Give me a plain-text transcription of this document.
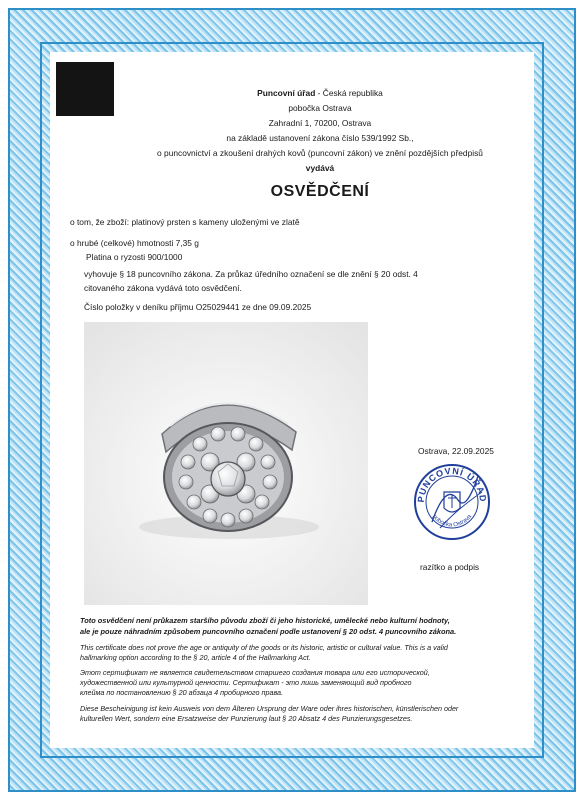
Puncovní úřad - Česká republika
pobočka Ostrava
Zahradní 1, 70200, Ostrava
na základě ustanovení zákona číslo 539/1992 Sb.,
o puncovnictví a zkoušení drahých kovů (puncovní zákon) ve znění pozdějších předpisů
vydává
OSVĚDČENÍ
o tom, že zboží: platinový prsten s kameny uloženými ve zlatě
o hrubé (celkové) hmotnosti 7,35 g
Platina o ryzosti 900/1000
vyhovuje § 18 puncovního zákona. Za průkaz úředního označení se dle znění § 20 odst. 4
citovaného zákona vydává toto osvědčení.
Číslo položky v deníku příjmu O25029441 ze dne 09.09.2025
Ostrava, 22.09.2025
PUNCOVNÍ ÚŘAD
pobočka Ostrava
razítko a podpis
Toto osvědčení není průkazem staršího původu zboží či jeho historické, umělecké nebo kulturní hodnoty,
ale je pouze náhradním způsobem puncovního označení podle ustanovení § 20 odst. 4 puncovního zákona.
This certificate does not prove the age or antiquity of the goods or its historic, artistic or cultural value. This is a valid
hallmarking option according to the § 20, article 4 of the Hallmarking Act.
Этот сертификат не является свидетельством старшего создания товара или его исторической,
художественной или культурной ценности. Сертификат - это лишь заменяющий вид пробного
клейма по постановлению § 20 абзаца 4 пробирного права.
Diese Bescheinigung ist kein Ausweis von dem Älteren Ursprung der Ware oder ihres historischen, künstlerischen oder
kulturellen Wert, sondern eine Ersatzweise der Punzierung laut § 20 Absatz 4 des Punzierungsgesetzes.
